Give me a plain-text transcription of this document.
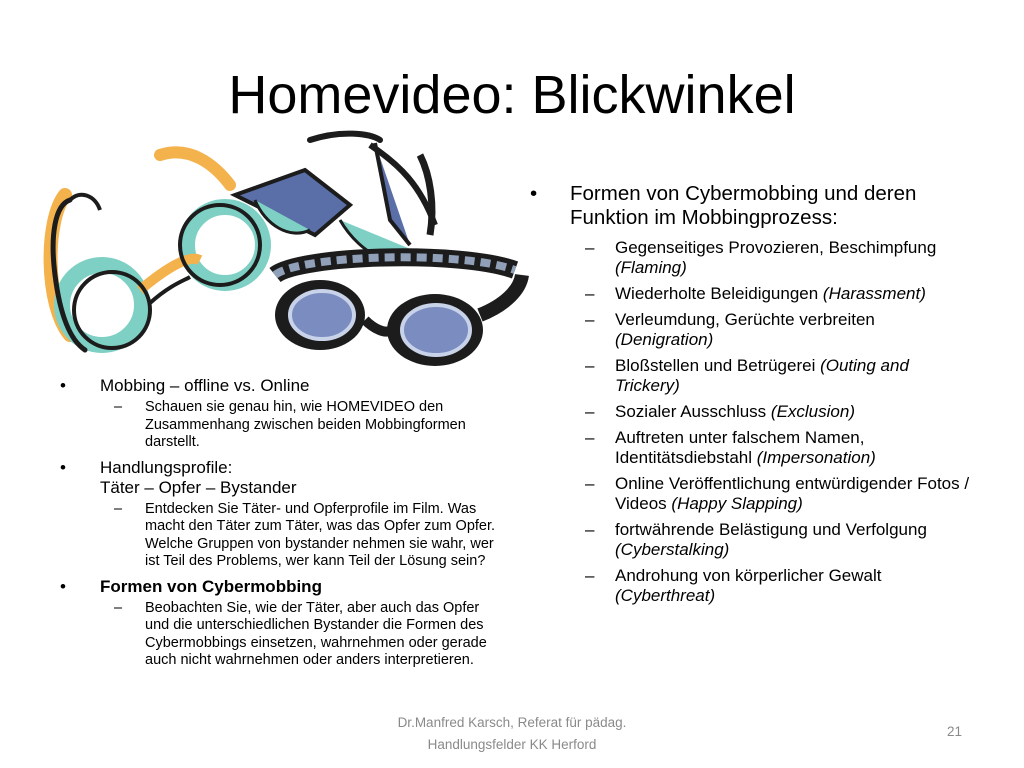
Homevideo: Blickwinkel
• Mobbing – offline vs. Online
– Schauen sie genau hin, wie HOMEVIDEO den Zusammenhang zwischen beiden Mobbingformen darstellt.
• Handlungsprofile:
Täter – Opfer – Bystander
– Entdecken Sie Täter- und Opferprofile im Film. Was macht den Täter zum Täter, was das Opfer zum Opfer. Welche Gruppen von bystander nehmen sie wahr, wer ist Teil des Problems, wer kann Teil der Lösung sein?
• Formen von Cybermobbing
– Beobachten Sie, wie der Täter, aber auch das Opfer und die unterschiedlichen Bystander die Formen des Cybermobbings einsetzen, wahrnehmen oder gerade auch nicht wahrnehmen oder anders interpretieren.
• Formen von Cybermobbing und deren Funktion im Mobbingprozess:
– Gegenseitiges Provozieren, Beschimpfung (Flaming)
– Wiederholte Beleidigungen (Harassment)
– Verleumdung, Gerüchte verbreiten (Denigration)
– Bloßstellen und Betrügerei (Outing and Trickery)
– Sozialer Ausschluss (Exclusion)
– Auftreten unter falschem Namen, Identitätsdiebstahl (Impersonation)
– Online Veröffentlichung entwürdigender Fotos / Videos (Happy Slapping)
– fortwährende Belästigung und Verfolgung (Cyberstalking)
– Androhung von körperlicher Gewalt (Cyberthreat)
Dr.Manfred Karsch, Referat für pädag.
Handlungsfelder KK Herford
21
